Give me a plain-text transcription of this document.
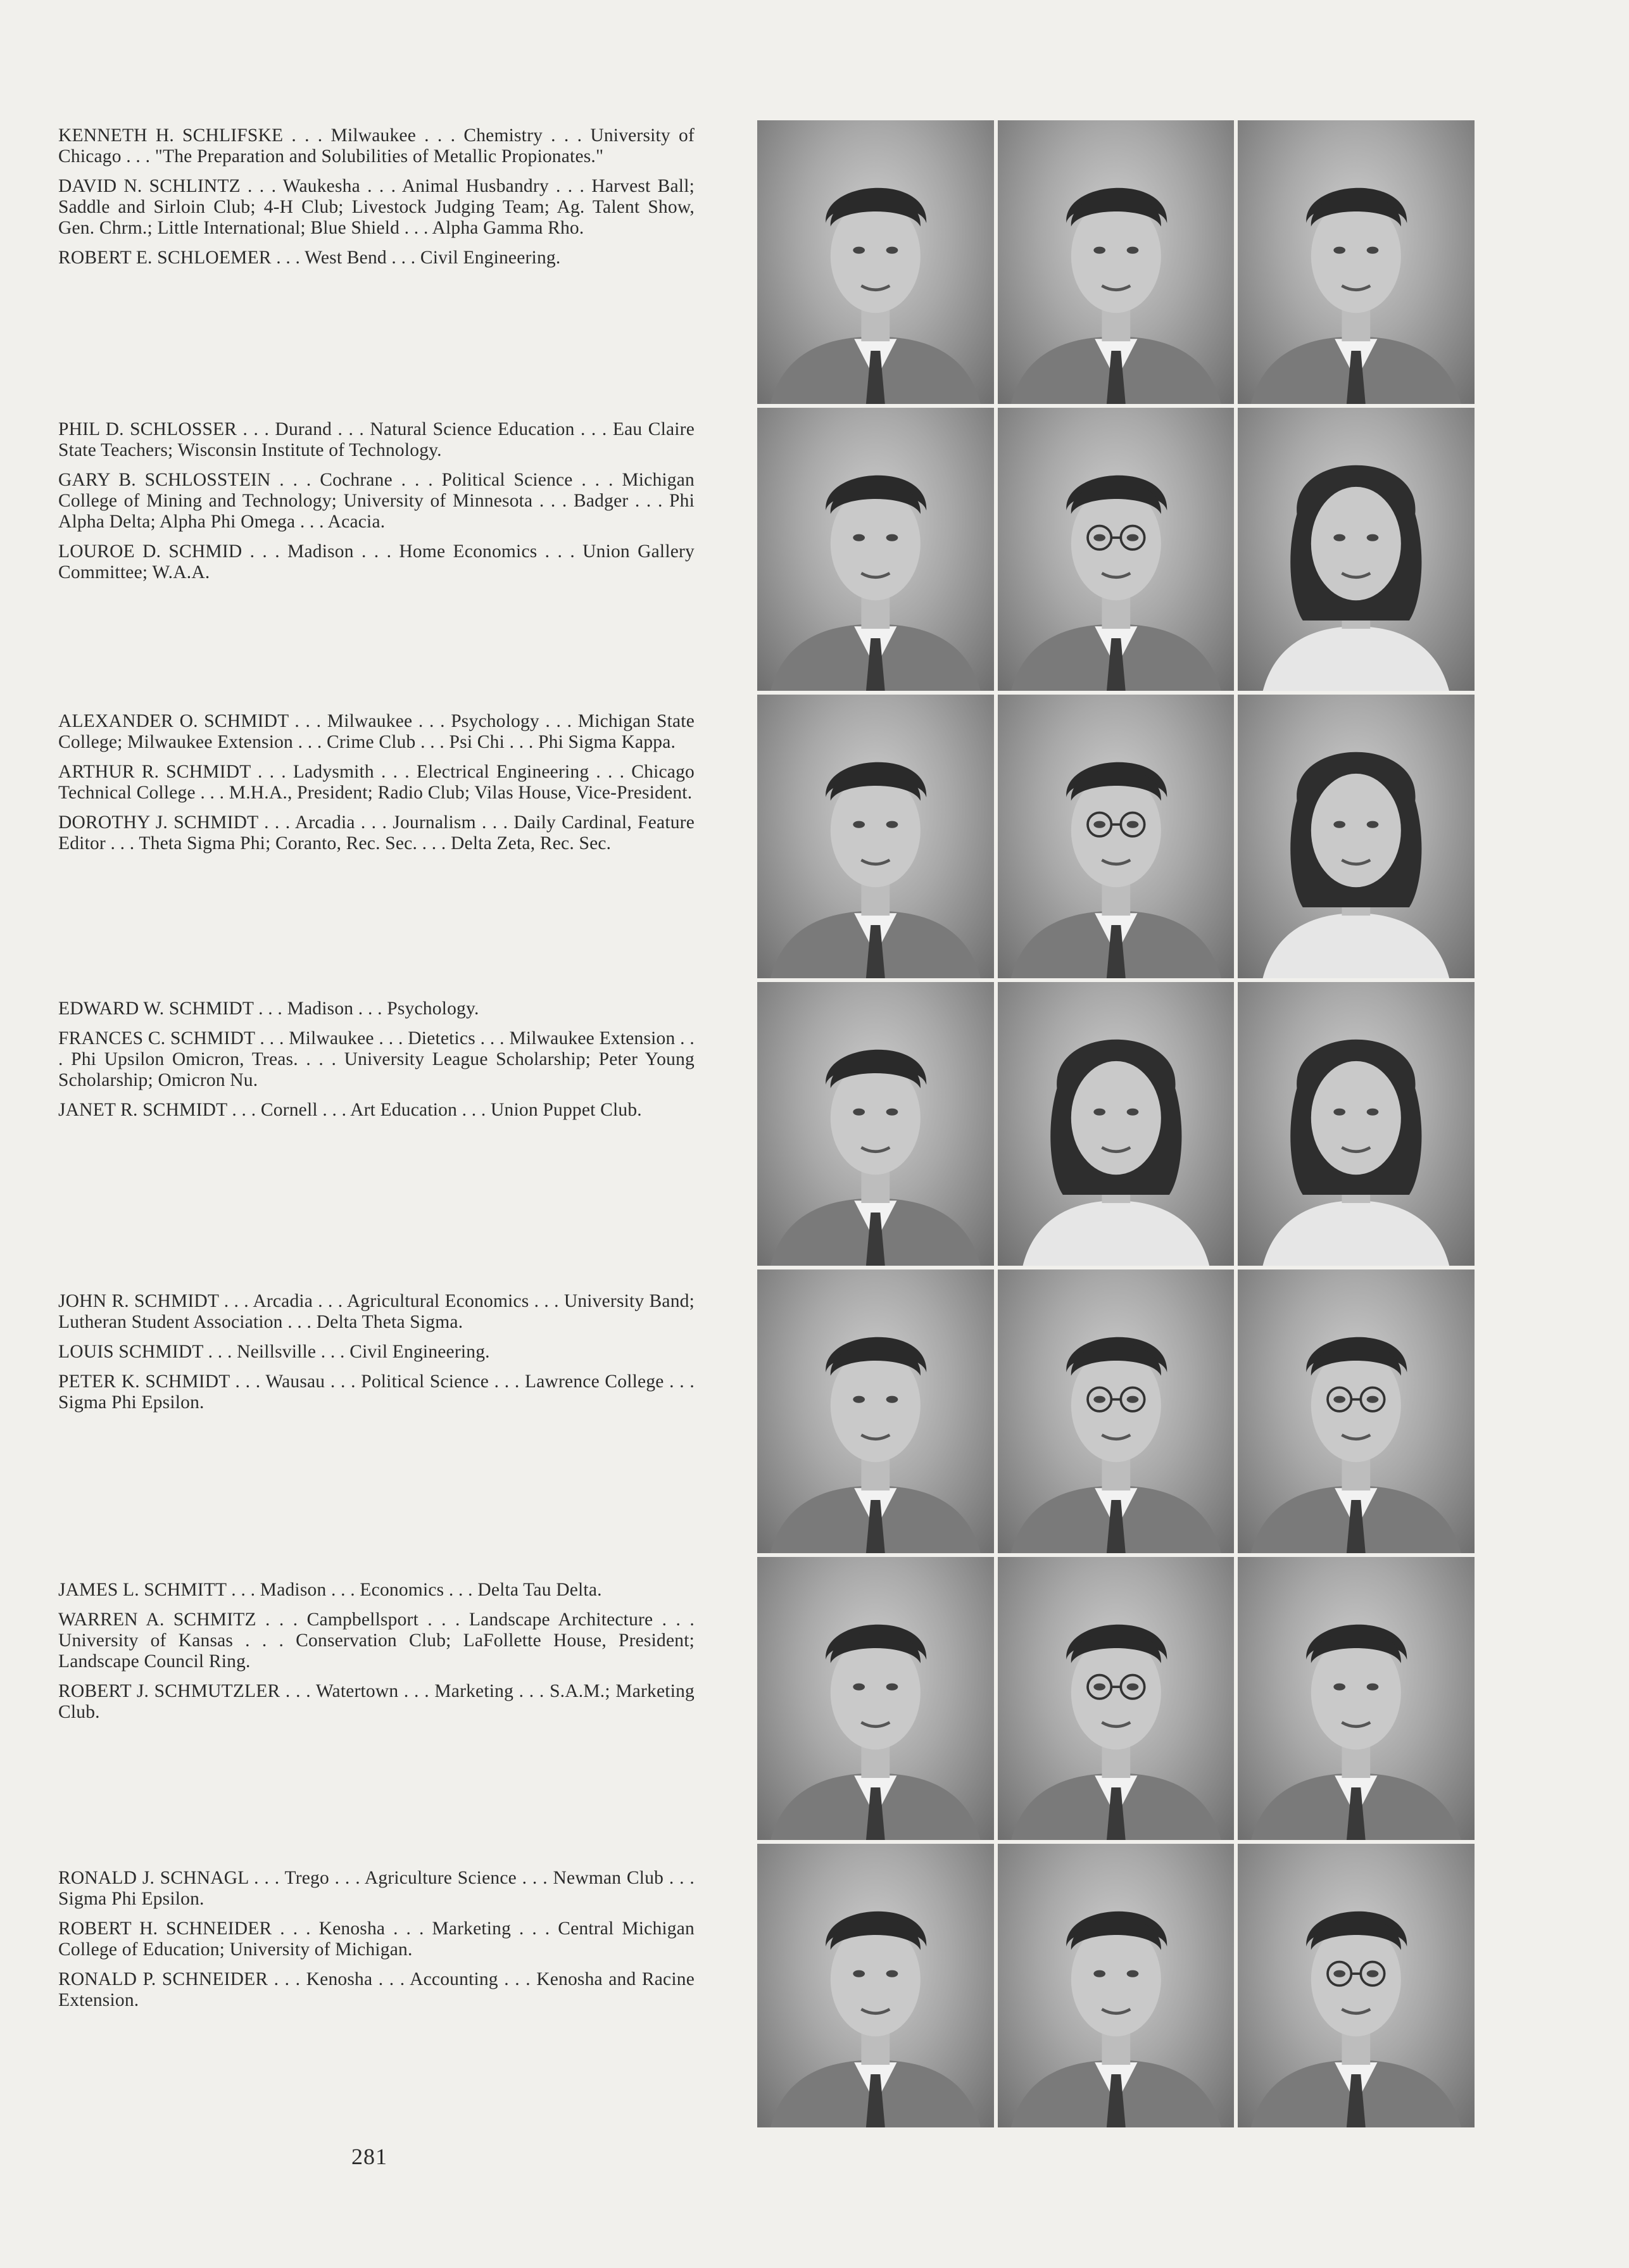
KENNETH H. SCHLIFSKE . . . Milwaukee . . . Chemistry . . . University of Chicago . . . "The Preparation and Solubilities of Metallic Propionates."

DAVID N. SCHLINTZ . . . Waukesha . . . Animal Husbandry . . . Harvest Ball; Saddle and Sirloin Club; 4-H Club; Livestock Judging Team; Ag. Talent Show, Gen. Chrm.; Little International; Blue Shield . . . Alpha Gamma Rho.

ROBERT E. SCHLOEMER . . . West Bend . . . Civil Engineering.

PHIL D. SCHLOSSER . . . Durand . . . Natural Science Education . . . Eau Claire State Teachers; Wisconsin Institute of Technology.

GARY B. SCHLOSSTEIN . . . Cochrane . . . Political Science . . . Michigan College of Mining and Technology; University of Minnesota . . . Badger . . . Phi Alpha Delta; Alpha Phi Omega . . . Acacia.

LOUROE D. SCHMID . . . Madison . . . Home Economics . . . Union Gallery Committee; W.A.A.

ALEXANDER O. SCHMIDT . . . Milwaukee . . . Psychology . . . Michigan State College; Milwaukee Extension . . . Crime Club . . . Psi Chi . . . Phi Sigma Kappa.

ARTHUR R. SCHMIDT . . . Ladysmith . . . Electrical Engineering . . . Chicago Technical College . . . M.H.A., President; Radio Club; Vilas House, Vice-President.

DOROTHY J. SCHMIDT . . . Arcadia . . . Journalism . . . Daily Cardinal, Feature Editor . . . Theta Sigma Phi; Coranto, Rec. Sec. . . . Delta Zeta, Rec. Sec.

EDWARD W. SCHMIDT . . . Madison . . . Psychology.

FRANCES C. SCHMIDT . . . Milwaukee . . . Dietetics . . . Milwaukee Extension . . . Phi Upsilon Omicron, Treas. . . . University League Scholarship; Peter Young Scholarship; Omicron Nu.

JANET R. SCHMIDT . . . Cornell . . . Art Education . . . Union Puppet Club.

JOHN R. SCHMIDT . . . Arcadia . . . Agricultural Economics . . . University Band; Lutheran Student Association . . . Delta Theta Sigma.

LOUIS SCHMIDT . . . Neillsville . . . Civil Engineering.

PETER K. SCHMIDT . . . Wausau . . . Political Science . . . Lawrence College . . . Sigma Phi Epsilon.

JAMES L. SCHMITT . . . Madison . . . Economics . . . Delta Tau Delta.

WARREN A. SCHMITZ . . . Campbellsport . . . Landscape Architecture . . . University of Kansas . . . Conservation Club; LaFollette House, President; Landscape Council Ring.

ROBERT J. SCHMUTZLER . . . Watertown . . . Marketing . . . S.A.M.; Marketing Club.

RONALD J. SCHNAGL . . . Trego . . . Agriculture Science . . . Newman Club . . . Sigma Phi Epsilon.

ROBERT H. SCHNEIDER . . . Kenosha . . . Marketing . . . Central Michigan College of Education; University of Michigan.

RONALD P. SCHNEIDER . . . Kenosha . . . Accounting . . . Kenosha and Racine Extension.

281
